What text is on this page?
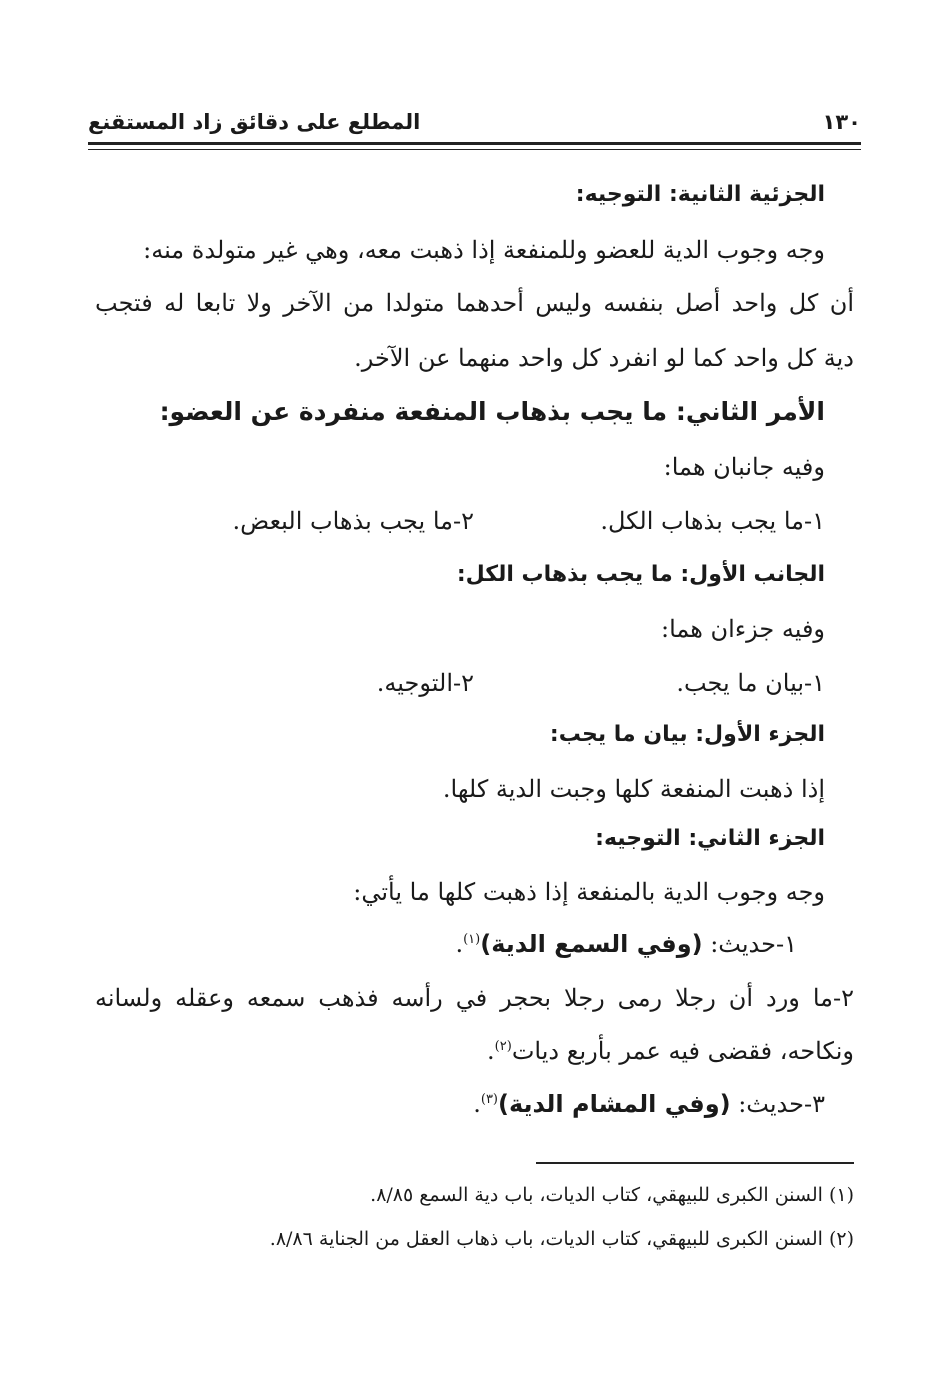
١٣٠
المطلع على دقائق زاد المستقنع
الجزئية الثانية: التوجيه:
وجه وجوب الدية للعضو وللمنفعة إذا ذهبت معه، وهي غير متولدة منه:
أن كل واحد أصل بنفسه وليس أحدهما متولدا من الآخر ولا تابعا له فتجب
دية كل واحد كما لو انفرد كل واحد منهما عن الآخر.
الأمر الثاني: ما يجب بذهاب المنفعة منفردة عن العضو:
وفيه جانبان هما:
١-ما يجب بذهاب الكل.
٢-ما يجب بذهاب البعض.
الجانب الأول: ما يجب بذهاب الكل:
وفيه جزءان هما:
١-بيان ما يجب.
٢-التوجيه.
الجزء الأول: بيان ما يجب:
إذا ذهبت المنفعة كلها وجبت الدية كلها.
الجزء الثاني: التوجيه:
وجه وجوب الدية بالمنفعة إذا ذهبت كلها ما يأتي:
١-حديث: (وفي السمع الدية)$^{(١)}$.
٢-ما ورد أن رجلا رمى رجلا بحجر في رأسه فذهب سمعه وعقله ولسانه
ونكاحه، فقضى فيه عمر بأربع ديات$^{(٢)}$.
٣-حديث: (وفي المشام الدية)$^{(٣)}$.
(١) السنن الكبرى للبيهقي، كتاب الديات، باب دية السمع ٨/٨٥.
(٢) السنن الكبرى للبيهقي، كتاب الديات، باب ذهاب العقل من الجناية ٨/٨٦.
